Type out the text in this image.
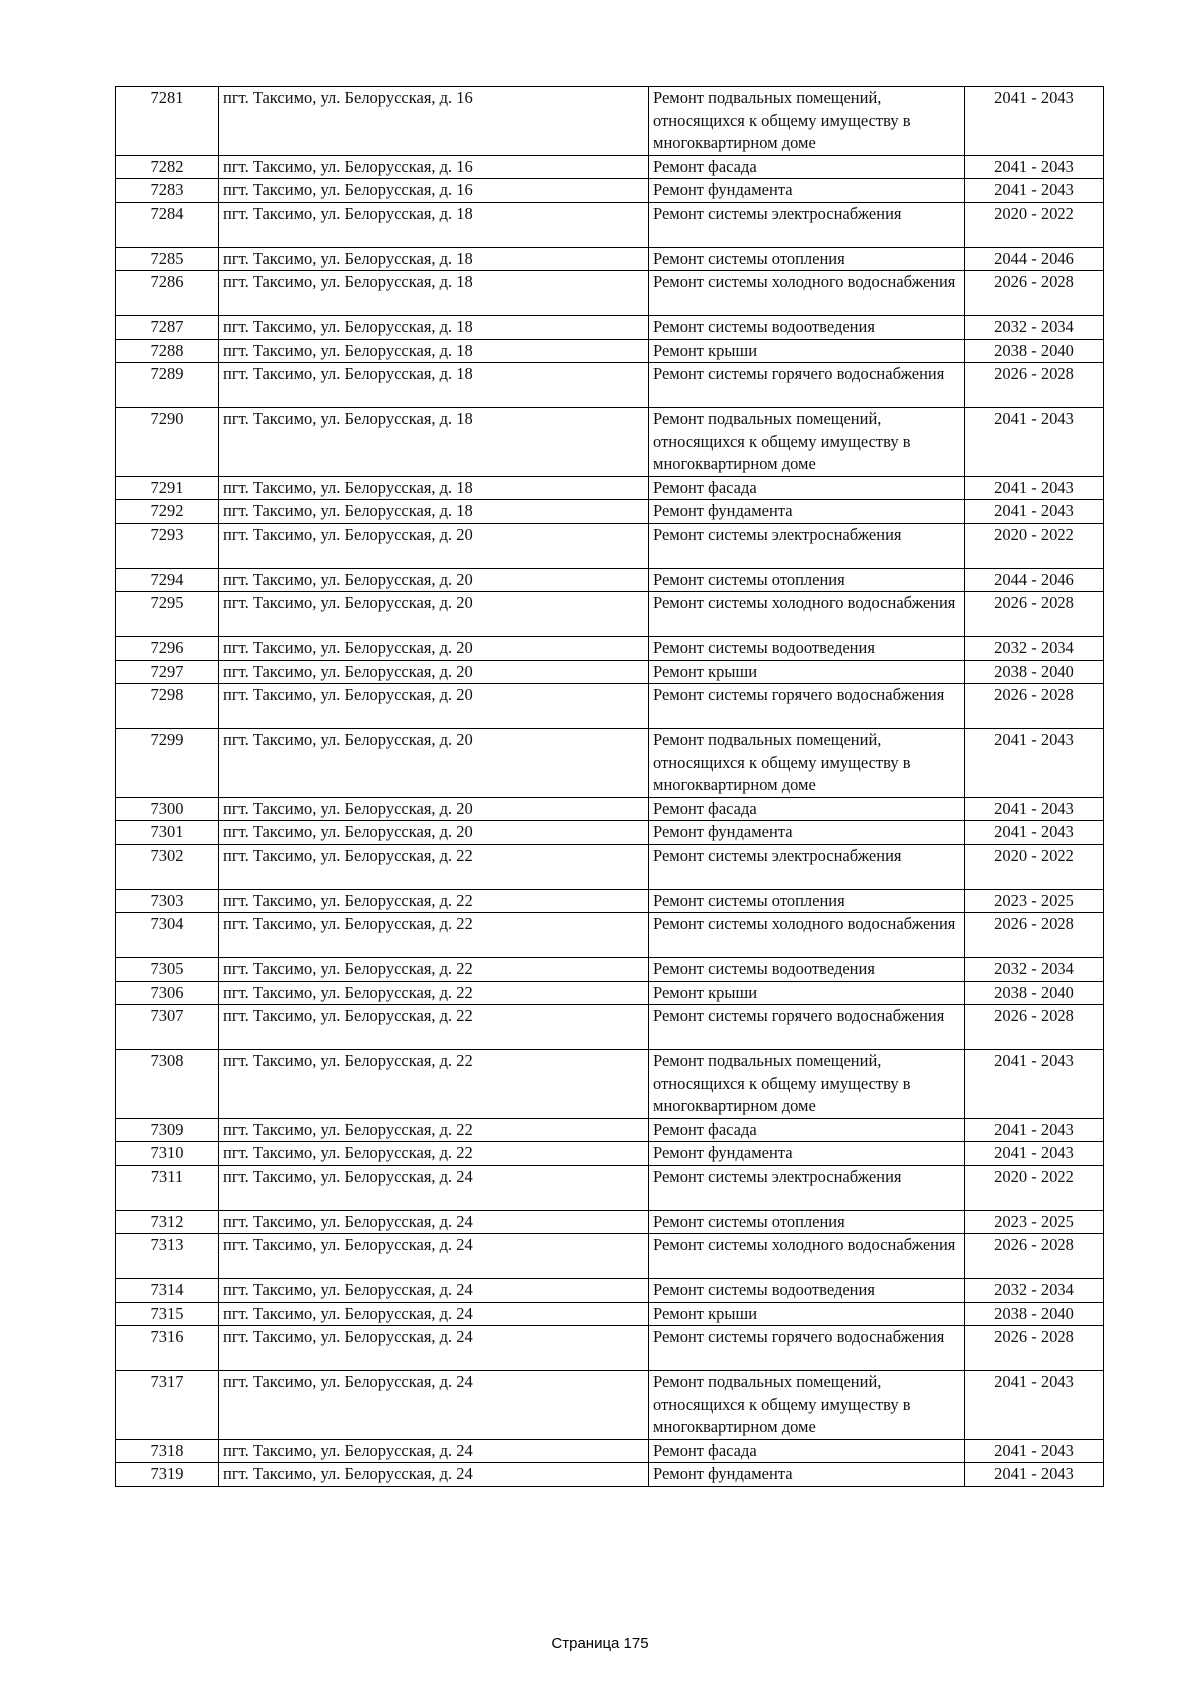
7281	пгт. Таксимо, ул. Белорусская, д. 16	Ремонт подвальных помещений, относящихся к общему имуществу в многоквартирном доме	2041 - 2043
7282	пгт. Таксимо, ул. Белорусская, д. 16	Ремонт фасада	2041 - 2043
7283	пгт. Таксимо, ул. Белорусская, д. 16	Ремонт фундамента	2041 - 2043
7284	пгт. Таксимо, ул. Белорусская, д. 18	Ремонт системы электроснабжения	2020 - 2022
7285	пгт. Таксимо, ул. Белорусская, д. 18	Ремонт системы отопления	2044 - 2046
7286	пгт. Таксимо, ул. Белорусская, д. 18	Ремонт системы холодного водоснабжения	2026 - 2028
7287	пгт. Таксимо, ул. Белорусская, д. 18	Ремонт системы водоотведения	2032 - 2034
7288	пгт. Таксимо, ул. Белорусская, д. 18	Ремонт крыши	2038 - 2040
7289	пгт. Таксимо, ул. Белорусская, д. 18	Ремонт системы горячего водоснабжения	2026 - 2028
7290	пгт. Таксимо, ул. Белорусская, д. 18	Ремонт подвальных помещений, относящихся к общему имуществу в многоквартирном доме	2041 - 2043
7291	пгт. Таксимо, ул. Белорусская, д. 18	Ремонт фасада	2041 - 2043
7292	пгт. Таксимо, ул. Белорусская, д. 18	Ремонт фундамента	2041 - 2043
7293	пгт. Таксимо, ул. Белорусская, д. 20	Ремонт системы электроснабжения	2020 - 2022
7294	пгт. Таксимо, ул. Белорусская, д. 20	Ремонт системы отопления	2044 - 2046
7295	пгт. Таксимо, ул. Белорусская, д. 20	Ремонт системы холодного водоснабжения	2026 - 2028
7296	пгт. Таксимо, ул. Белорусская, д. 20	Ремонт системы водоотведения	2032 - 2034
7297	пгт. Таксимо, ул. Белорусская, д. 20	Ремонт крыши	2038 - 2040
7298	пгт. Таксимо, ул. Белорусская, д. 20	Ремонт системы горячего водоснабжения	2026 - 2028
7299	пгт. Таксимо, ул. Белорусская, д. 20	Ремонт подвальных помещений, относящихся к общему имуществу в многоквартирном доме	2041 - 2043
7300	пгт. Таксимо, ул. Белорусская, д. 20	Ремонт фасада	2041 - 2043
7301	пгт. Таксимо, ул. Белорусская, д. 20	Ремонт фундамента	2041 - 2043
7302	пгт. Таксимо, ул. Белорусская, д. 22	Ремонт системы электроснабжения	2020 - 2022
7303	пгт. Таксимо, ул. Белорусская, д. 22	Ремонт системы отопления	2023 - 2025
7304	пгт. Таксимо, ул. Белорусская, д. 22	Ремонт системы холодного водоснабжения	2026 - 2028
7305	пгт. Таксимо, ул. Белорусская, д. 22	Ремонт системы водоотведения	2032 - 2034
7306	пгт. Таксимо, ул. Белорусская, д. 22	Ремонт крыши	2038 - 2040
7307	пгт. Таксимо, ул. Белорусская, д. 22	Ремонт системы горячего водоснабжения	2026 - 2028
7308	пгт. Таксимо, ул. Белорусская, д. 22	Ремонт подвальных помещений, относящихся к общему имуществу в многоквартирном доме	2041 - 2043
7309	пгт. Таксимо, ул. Белорусская, д. 22	Ремонт фасада	2041 - 2043
7310	пгт. Таксимо, ул. Белорусская, д. 22	Ремонт фундамента	2041 - 2043
7311	пгт. Таксимо, ул. Белорусская, д. 24	Ремонт системы электроснабжения	2020 - 2022
7312	пгт. Таксимо, ул. Белорусская, д. 24	Ремонт системы отопления	2023 - 2025
7313	пгт. Таксимо, ул. Белорусская, д. 24	Ремонт системы холодного водоснабжения	2026 - 2028
7314	пгт. Таксимо, ул. Белорусская, д. 24	Ремонт системы водоотведения	2032 - 2034
7315	пгт. Таксимо, ул. Белорусская, д. 24	Ремонт крыши	2038 - 2040
7316	пгт. Таксимо, ул. Белорусская, д. 24	Ремонт системы горячего водоснабжения	2026 - 2028
7317	пгт. Таксимо, ул. Белорусская, д. 24	Ремонт подвальных помещений, относящихся к общему имуществу в многоквартирном доме	2041 - 2043
7318	пгт. Таксимо, ул. Белорусская, д. 24	Ремонт фасада	2041 - 2043
7319	пгт. Таксимо, ул. Белорусская, д. 24	Ремонт фундамента	2041 - 2043
Страница 175
